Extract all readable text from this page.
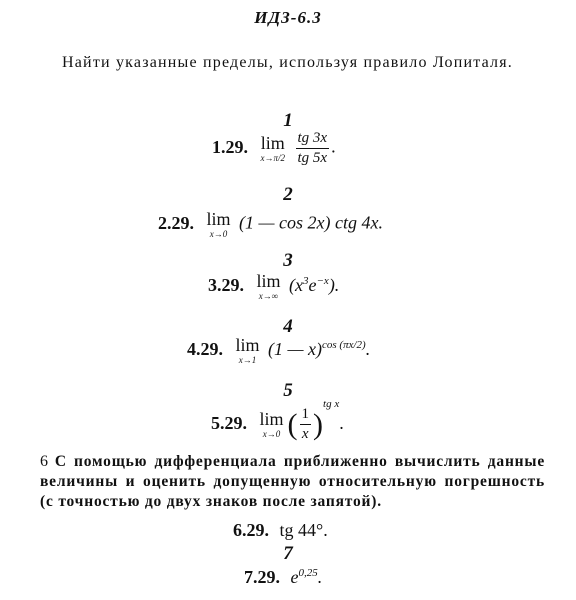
ИДЗ-6.3
Найти указанные пределы, используя правило Лопиталя.
1
1.29. lim
x→π/2
$\frac{tg 3x}{tg 5x}$ .
2
2.29. lim
x→0
(1 — cos 2x) ctg 4x.
3
3.29. lim
x→∞
$(x^3e^{-x})$.
4
4.29. lim
x→1
(1 — x)$^{cos (\pi x/2)}$.
5
5.29. lim
x→0 ( $\frac{1}{x} )^{tg x}$.
6 С помощью дифференциала приближенно вычислить данные величины и оценить допущенную относительную погрешность (с точностью до двух знаков после запятой).
6.29. tg 44°.
7
7.29. $e^{0,25}$.
